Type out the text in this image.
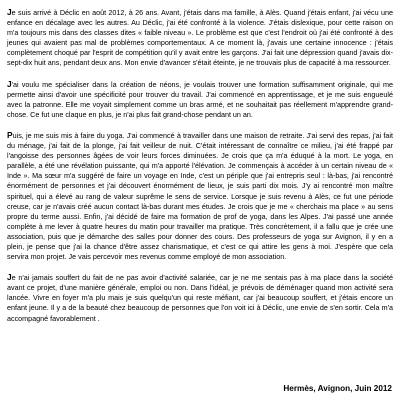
Je suis arrivé à Déclic en août 2012, à 26 ans. Avant, j'étais dans ma famille, à Alès. Quand j'étais enfant, j'ai vécu une enfance en décalage avec les autres. Au Déclic, j'ai été confronté à la violence. J'étais dislexique, pour cette raison on m'a toujours mis dans des classes dites « faible niveau ». Le problème est que c'est l'endroit où j'ai été confronté à des jeunes qui avaient pas mal de problèmes comportementaux. A ce moment là, j'avais une certaine innocence : j'étais complètement choqué par l'esprit de compétition qu'il y avait entre les garçons. J'ai fait une dépression quand j'avais dix-sept-dix huit ans, pendant deux ans. Mon envie d'avancer s'était éteinte, je ne trouvais plus de capacité à ma ressourcer.

J'ai voulu me spécialiser dans la création de néons, je voulais trouver une formation suffisamment originale, qui me permette ainsi d'avoir une spécificité pour trouver du travail. J'ai commencé en apprentissage, et je me suis engueulé avec la patronne. Elle me voyait simplement comme un bras armé, et ne souhaitait pas réellement m'apprendre grand-chose. Ce fut une claque en plus, je n'ai plus fait grand-chose pendant un an.

Puis, je me suis mis à faire du yoga. J'ai commencé à travailler dans une maison de retraite. J'ai servi des repas, j'ai fait du ménage, j'ai fait de la plonge, j'ai fait veilleur de nuit. C'était intéressant de connaître ce milieu, j'ai été frappé par l'angoisse des personnes âgées de voir leurs forces diminuées. Je crois que ça m'a éduqué à la mort. Le yoga, en parallèle, a été une révélation puissante, qui m'a apporté l'élévation. Je commençais à accéder à un certain niveau de « Inde ». Ma sœur m'a suggéré de faire un voyage en Inde, c'est un périple que j'ai entrepris seul : là-bas, j'ai rencontré énormément de personnes et j'ai découvert énormément de lieux, je suis parti dix mois. J'y ai rencontré mon maître spirituel, qui a élevé au rang de valeur suprême le sens de service. Lorsque je suis revenu à Alès, ce fut une période creuse, car je n'avais créé aucun contact là-bas durant mes études. Je crois que je me « cherchais ma place » au sens propre du terme aussi. Enfin, j'ai décidé de faire ma formation de prof de yoga, dans les Alpes. J'ai passé une année complète à me lever à quatre heures du matin pour travailler ma pratique. Très concrètement, il a fallu que je crée une association, puis que je démarche des salles pour donner des cours. Des professeurs de yoga sur Avignon, il y en a plein, je pense que j'ai la chance d'être assez charismatique, et c'est ce qui attire les gens à moi. J'espère que cela servira mon projet. Je vais percevoir mes revenus comme employé de mon association.

Je n'ai jamais souffert du fait de ne pas avoir d'activité salariée, car je ne me sentais pas à ma place dans la société avant ce projet, d'une manière générale, emploi ou non. Dans l'idéal, je prévois de déménager quand mon activité sera lancée. Vivre en foyer m'a plu mais je suis quelqu'un qui reste méfiant, car j'ai beaucoup souffert, et j'étais encore un enfant jeune. Il y a de la beauté chez beaucoup de personnes que l'on voit ici à Déclic, une envie de s'en sortir. Cela m'a accompagné favorablement .

Hermès, Avignon, Juin 2012
